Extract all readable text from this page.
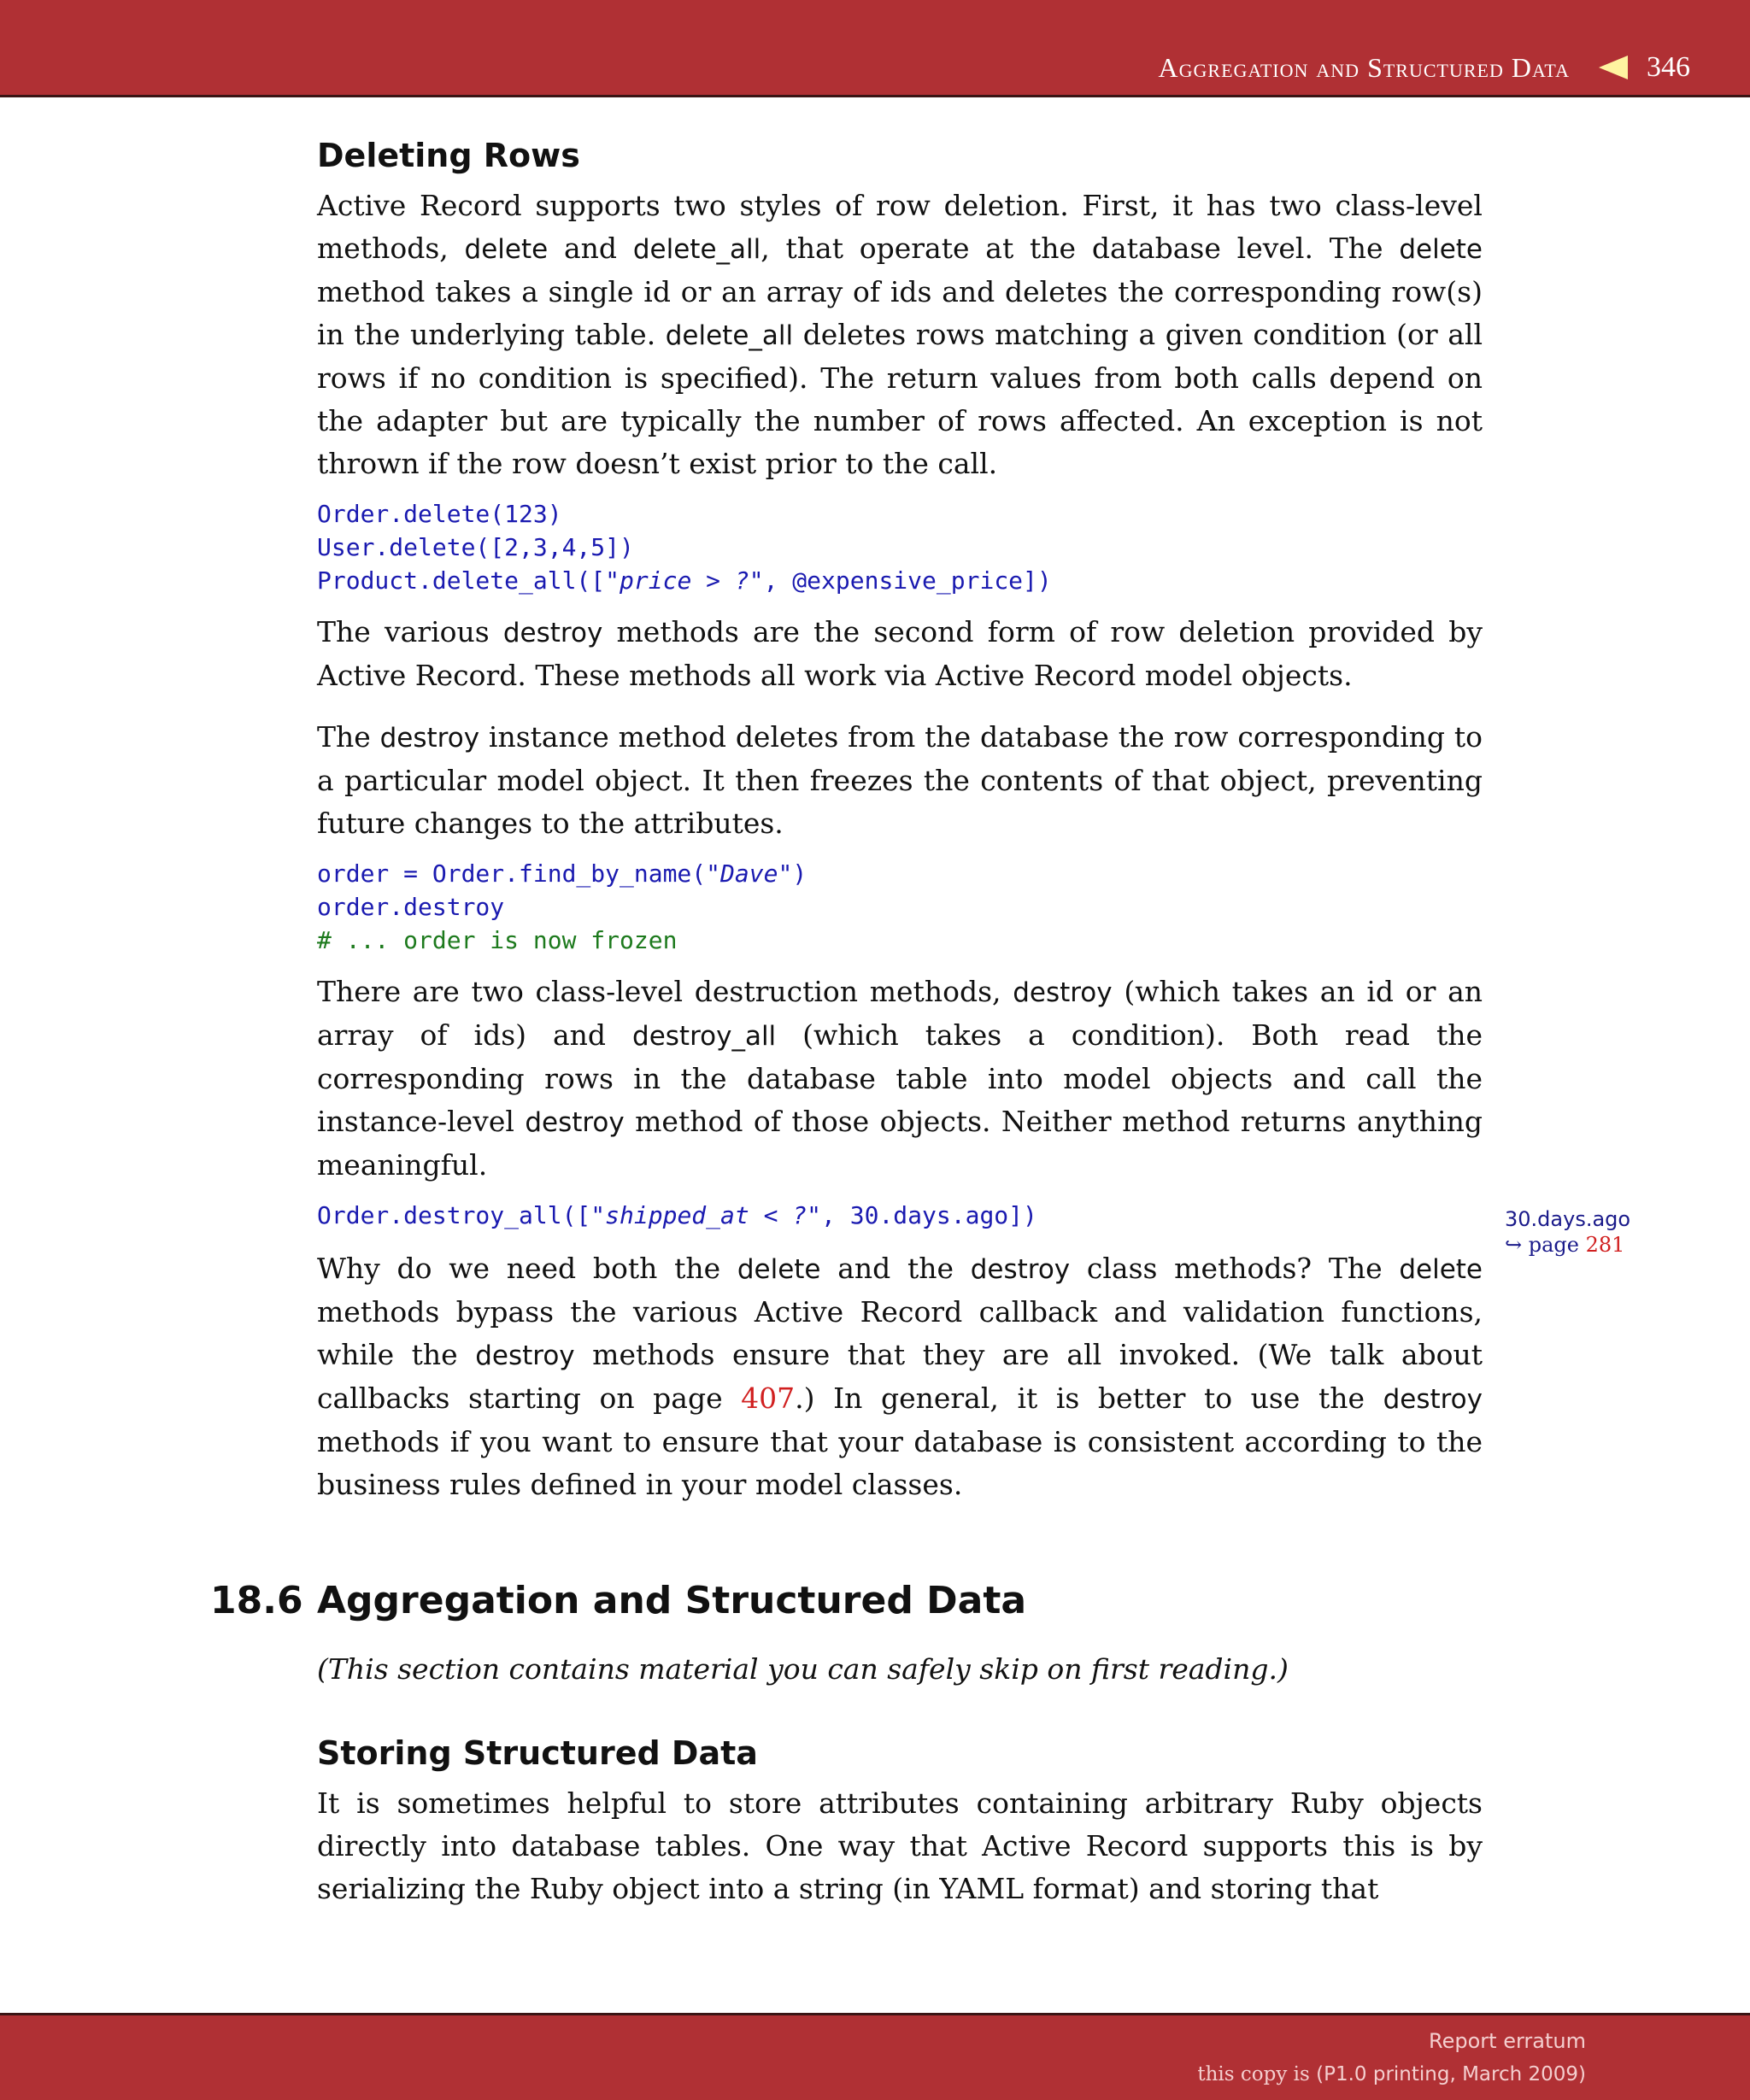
Aggregation and Structured Data	346
Deleting Rows

Active Record supports two styles of row deletion. First, it has two class-level methods, delete and delete_all, that operate at the database level. The delete method takes a single id or an array of ids and deletes the corresponding row(s) in the underlying table. delete_all deletes rows matching a given condition (or all rows if no condition is specified). The return values from both calls depend on the adapter but are typically the number of rows affected. An exception is not thrown if the row doesn’t exist prior to the call.

Order.delete(123)
User.delete([2,3,4,5])
Product.delete_all(["price > ?", @expensive_price])

The various destroy methods are the second form of row deletion provided by Active Record. These methods all work via Active Record model objects.

The destroy instance method deletes from the database the row corresponding to a particular model object. It then freezes the contents of that object, preventing future changes to the attributes.

order = Order.find_by_name("Dave")
order.destroy
# ... order is now frozen

There are two class-level destruction methods, destroy (which takes an id or an array of ids) and destroy_all (which takes a condition). Both read the corresponding rows in the database table into model objects and call the instance-level destroy method of those objects. Neither method returns anything meaningful.

Order.destroy_all(["shipped_at < ?", 30.days.ago])

Why do we need both the delete and the destroy class methods? The delete methods bypass the various Active Record callback and validation functions, while the destroy methods ensure that they are all invoked. (We talk about callbacks starting on page 407.) In general, it is better to use the destroy methods if you want to ensure that your database is consistent according to the business rules defined in your model classes.

30.days.ago
↪ page 281
18.6 Aggregation and Structured Data
(This section contains material you can safely skip on first reading.)
Storing Structured Data

It is sometimes helpful to store attributes containing arbitrary Ruby objects directly into database tables. One way that Active Record supports this is by serializing the Ruby object into a string (in YAML format) and storing that

Report erratum
this copy is (P1.0 printing, March 2009)
